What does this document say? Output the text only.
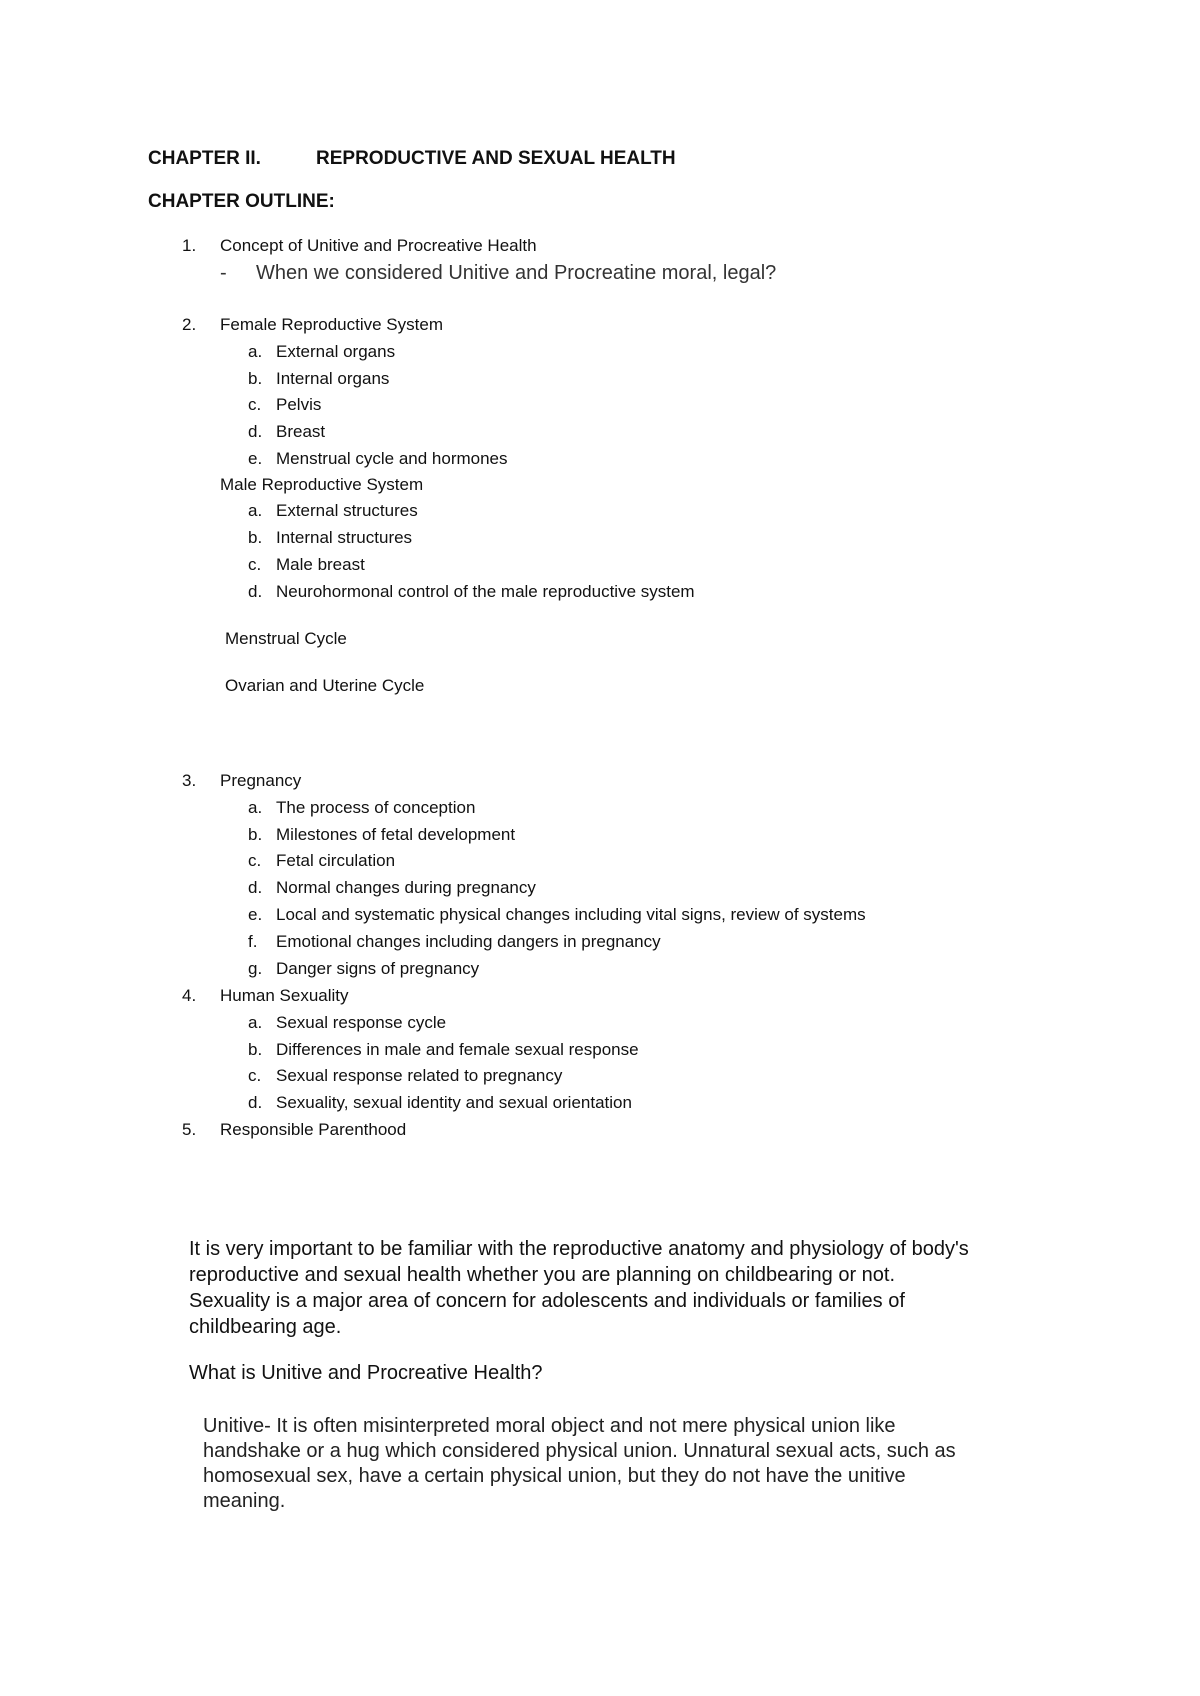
CHAPTER II.	REPRODUCTIVE AND SEXUAL HEALTH
CHAPTER OUTLINE:
1. Concept of Unitive and Procreative Health
- When we considered Unitive and Procreatine moral, legal?
2. Female Reproductive System
a. External organs
b. Internal organs
c. Pelvis
d. Breast
e. Menstrual cycle and hormones
Male Reproductive System
a. External structures
b. Internal structures
c. Male breast
d. Neurohormonal control of the male reproductive system
Menstrual Cycle
Ovarian and Uterine Cycle
3. Pregnancy
a. The process of conception
b. Milestones of fetal development
c. Fetal circulation
d. Normal changes during pregnancy
e. Local and systematic physical changes including vital signs, review of systems
f. Emotional changes including dangers in pregnancy
g. Danger signs of pregnancy
4. Human Sexuality
a. Sexual response cycle
b. Differences in male and female sexual response
c. Sexual response related to pregnancy
d. Sexuality, sexual identity and sexual orientation
5. Responsible Parenthood
It is very important to be familiar with the reproductive anatomy and physiology of body's
reproductive and sexual health whether you are planning on childbearing or not.
Sexuality is a major area of concern for adolescents and individuals or families of
childbearing age.
What is Unitive and Procreative Health?
Unitive- It is often misinterpreted moral object and not mere physical union like
handshake or a hug which considered physical union. Unnatural sexual acts, such as
homosexual sex, have a certain physical union, but they do not have the unitive
meaning.
